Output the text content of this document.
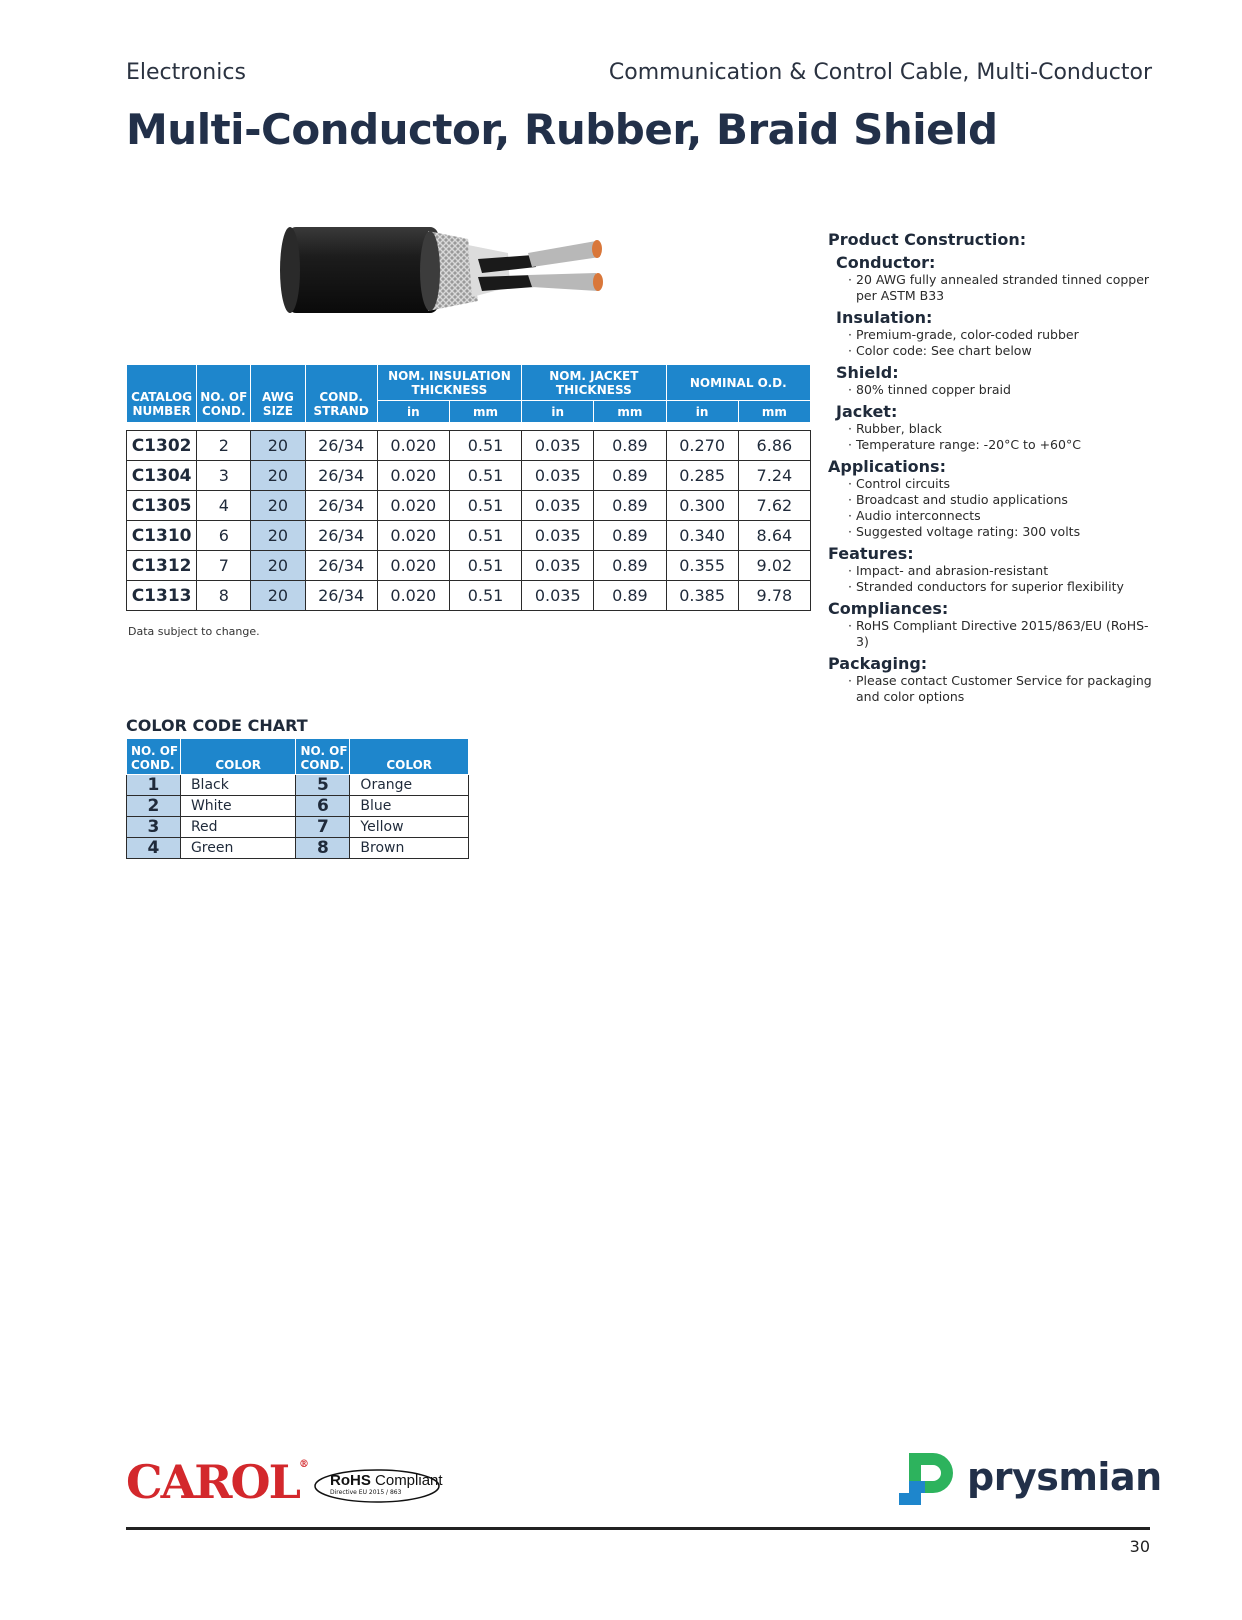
Electronics	Communication & Control Cable, Multi-Conductor
Multi-Conductor, Rubber, Braid Shield
CATALOG NUMBER	NO. OF COND.	AWG SIZE	COND. STRAND	NOM. INSULATION THICKNESS		NOM. JACKET THICKNESS		NOMINAL O.D.	
				in	mm	in	mm	in	mm

C1302	2	20	26/34	0.020	0.51	0.035	0.89	0.270	6.86
C1304	3	20	26/34	0.020	0.51	0.035	0.89	0.285	7.24
C1305	4	20	26/34	0.020	0.51	0.035	0.89	0.300	7.62
C1310	6	20	26/34	0.020	0.51	0.035	0.89	0.340	8.64
C1312	7	20	26/34	0.020	0.51	0.035	0.89	0.355	9.02
C1313	8	20	26/34	0.020	0.51	0.035	0.89	0.385	9.78
Data subject to change.
COLOR CODE CHART
NO. OF COND.	COLOR	NO. OF COND.	COLOR
1	Black	5	Orange
2	White	6	Blue
3	Red	7	Yellow
4	Green	8	Brown
Product Construction:
Conductor:
· 20 AWG fully annealed stranded tinned copper per ASTM B33
Insulation:
· Premium-grade, color-coded rubber
· Color code: See chart below
Shield:
· 80% tinned copper braid
Jacket:
· Rubber, black
· Temperature range: -20°C to +60°C
Applications:
· Control circuits
· Broadcast and studio applications
· Audio interconnects
· Suggested voltage rating: 300 volts
Features:
· Impact- and abrasion-resistant
· Stranded conductors for superior flexibility
Compliances:
· RoHS Compliant Directive 2015/863/EU (RoHS-3)
Packaging:
· Please contact Customer Service for packaging and color options
CAROL®
RoHS Compliant
Directive EU 2015 / 863	prysmian
30
